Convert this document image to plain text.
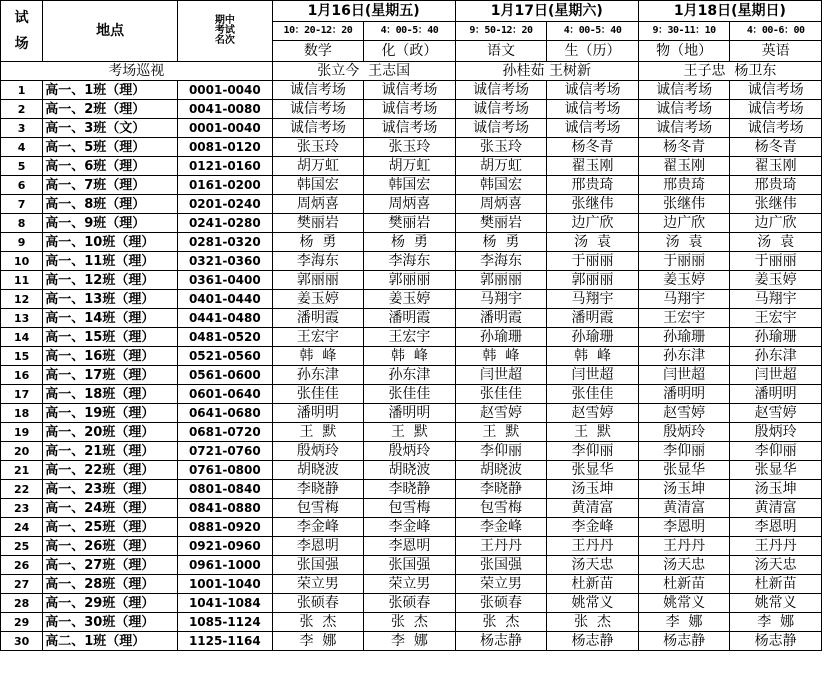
试
场	地点	期中
考试
名次	1月16日(星期五)		1月17日(星期六)		1月18日(星期日)	
			10：20-12：20	4：00-5：40	9：50-12：20	4：00-5：40	9：30-11：10	4：00-6：00
			数学	化（政）	语文	生（历）	物（地）	英语
考场巡视			张立今  王志国		孙桂茹 王树新		王子忠  杨卫东	
1	高一、1班（理）	0001-0040	诚信考场	诚信考场	诚信考场	诚信考场	诚信考场	诚信考场
2	高一、2班（理）	0041-0080	诚信考场	诚信考场	诚信考场	诚信考场	诚信考场	诚信考场
3	高一、3班（文）	0001-0040	诚信考场	诚信考场	诚信考场	诚信考场	诚信考场	诚信考场
4	高一、5班（理）	0081-0120	张玉玲	张玉玲	张玉玲	杨冬青	杨冬青	杨冬青
5	高一、6班（理）	0121-0160	胡万虹	胡万虹	胡万虹	翟玉刚	翟玉刚	翟玉刚
6	高一、7班（理）	0161-0200	韩国宏	韩国宏	韩国宏	邢贵琦	邢贵琦	邢贵琦
7	高一、8班（理）	0201-0240	周炳喜	周炳喜	周炳喜	张继伟	张继伟	张继伟
8	高一、9班（理）	0241-0280	樊丽岩	樊丽岩	樊丽岩	边广欣	边广欣	边广欣
9	高一、10班（理）	0281-0320	杨  勇	杨  勇	杨  勇	汤  袁	汤  袁	汤  袁
10	高一、11班（理）	0321-0360	李海东	李海东	李海东	于丽丽	于丽丽	于丽丽
11	高一、12班（理）	0361-0400	郭丽丽	郭丽丽	郭丽丽	郭丽丽	姜玉婷	姜玉婷
12	高一、13班（理）	0401-0440	姜玉婷	姜玉婷	马翔宇	马翔宇	马翔宇	马翔宇
13	高一、14班（理）	0441-0480	潘明霞	潘明霞	潘明霞	潘明霞	王宏宇	王宏宇
14	高一、15班（理）	0481-0520	王宏宇	王宏宇	孙瑜珊	孙瑜珊	孙瑜珊	孙瑜珊
15	高一、16班（理）	0521-0560	韩  峰	韩  峰	韩  峰	韩  峰	孙东津	孙东津
16	高一、17班（理）	0561-0600	孙东津	孙东津	闫世超	闫世超	闫世超	闫世超
17	高一、18班（理）	0601-0640	张佳佳	张佳佳	张佳佳	张佳佳	潘明明	潘明明
18	高一、19班（理）	0641-0680	潘明明	潘明明	赵雪婷	赵雪婷	赵雪婷	赵雪婷
19	高一、20班（理）	0681-0720	王  默	王  默	王  默	王  默	殷炳玲	殷炳玲
20	高一、21班（理）	0721-0760	殷炳玲	殷炳玲	李仰丽	李仰丽	李仰丽	李仰丽
21	高一、22班（理）	0761-0800	胡晓波	胡晓波	胡晓波	张显华	张显华	张显华
22	高一、23班（理）	0801-0840	李晓静	李晓静	李晓静	汤玉坤	汤玉坤	汤玉坤
23	高一、24班（理）	0841-0880	包雪梅	包雪梅	包雪梅	黄清富	黄清富	黄清富
24	高一、25班（理）	0881-0920	李金峰	李金峰	李金峰	李金峰	李恩明	李恩明
25	高一、26班（理）	0921-0960	李恩明	李恩明	王丹丹	王丹丹	王丹丹	王丹丹
26	高一、27班（理）	0961-1000	张国强	张国强	张国强	汤天忠	汤天忠	汤天忠
27	高一、28班（理）	1001-1040	荣立男	荣立男	荣立男	杜新苗	杜新苗	杜新苗
28	高一、29班（理）	1041-1084	张硕春	张硕春	张硕春	姚常义	姚常义	姚常义
29	高一、30班（理）	1085-1124	张  杰	张  杰	张  杰	张  杰	李  娜	李  娜
30	高二、1班（理）	1125-1164	李  娜	李  娜	杨志静	杨志静	杨志静	杨志静
